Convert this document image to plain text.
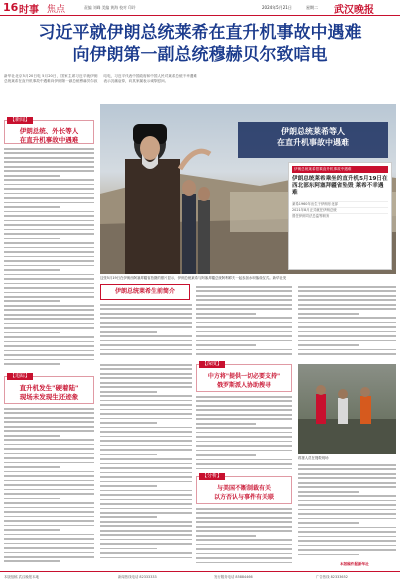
16 时事 焦点	责编 刘峰 美编 黄海 校对 印玲	2024年5月21日	星期二 武汉晚报
习近平就伊朗总统莱希在直升机事故中遇难
向伊朗第一副总统穆赫贝尔致唁电
新华社北京5月20日电 5月20日，国家主席习近平就伊朗总统莱希在直升机事故中遇难向伊朗第一副总统穆赫贝尔致唁电，习近平代表中国政府和中国人民对莱希总统不幸遇难表示沉痛哀悼，向其家属表示诚挚慰问。
【新闻】
伊朗总统、外长等人
在直升机事故中遇难
【追踪】
直升机发生"硬着陆"
现场未发现生还迹象
伊朗总统莱希等人
在直升机事故中遇难
伊朗总统莱希搭乘直升机事故中遇难
伊朗总统莱希乘坐的直升机5月19日在西北部东阿塞拜疆省坠毁 莱希不幸遇难
莱希1960年出生于伊朗东北部
2021年8月正式就任伊朗总统
曾任伊朗司法总监等职务
这张5月19日在伊朗西阿塞拜疆省拍摄的照片显示，伊朗总统莱希与阿塞拜疆总统阿利耶夫一起参加水坝落成仪式。新华社发
伊朗总统莱希生前简介
【深度】
中方将"提供一切必要支持"
俄罗斯派人协助搜寻
【分析】
与美国不断制裁有关
以方否认与事件有关联
救援人员在搜救现场
本版稿件据新华社
本版组稿 武汉晚报本地	新闻热线电话 82333333	发行服务电话 85884466	广告热线 82333652
